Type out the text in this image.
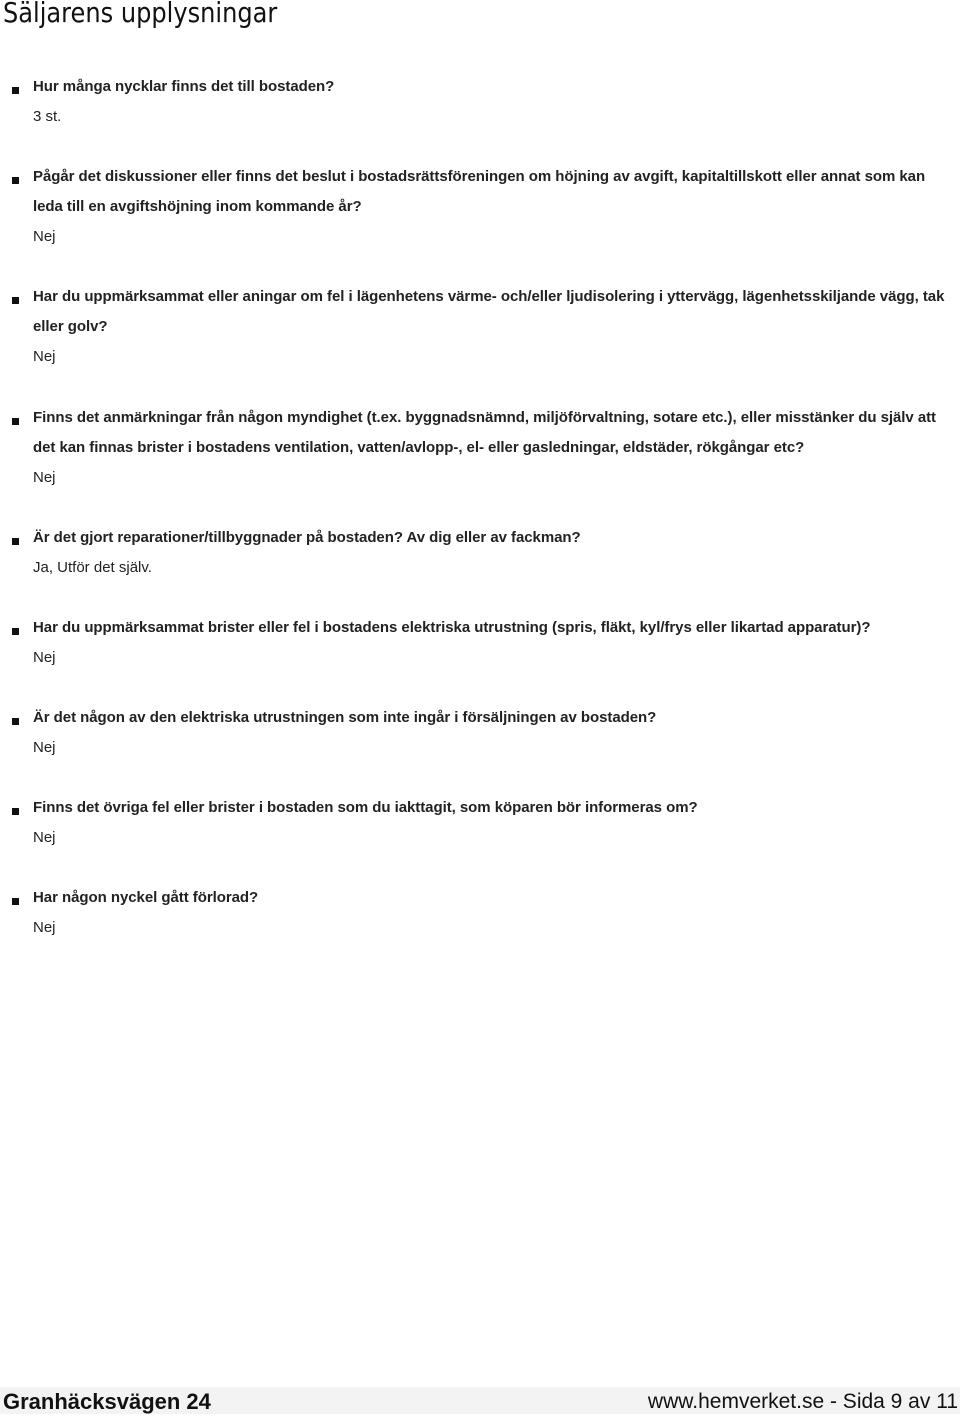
Säljarens upplysningar
Hur många nycklar finns det till bostaden?
3 st.
Pågår det diskussioner eller finns det beslut i bostadsrättsföreningen om höjning av avgift, kapitaltillskott eller annat som kan leda till en avgiftshöjning inom kommande år?
Nej
Har du uppmärksammat eller aningar om fel i lägenhetens värme- och/eller ljudisolering i yttervägg, lägenhetsskiljande vägg, tak eller golv?
Nej
Finns det anmärkningar från någon myndighet (t.ex. byggnadsnämnd, miljöförvaltning, sotare etc.), eller misstänker du själv att det kan finnas brister i bostadens ventilation, vatten/avlopp-, el- eller gasledningar, eldstäder, rökgångar etc?
Nej
Är det gjort reparationer/tillbyggnader på bostaden? Av dig eller av fackman?
Ja, Utför det själv.
Har du uppmärksammat brister eller fel i bostadens elektriska utrustning (spris, fläkt, kyl/frys eller likartad apparatur)?
Nej
Är det någon av den elektriska utrustningen som inte ingår i försäljningen av bostaden?
Nej
Finns det övriga fel eller brister i bostaden som du iakttagit, som köparen bör informeras om?
Nej
Har någon nyckel gått förlorad?
Nej
Granhäcksvägen 24	www.hemverket.se - Sida 9 av 11
